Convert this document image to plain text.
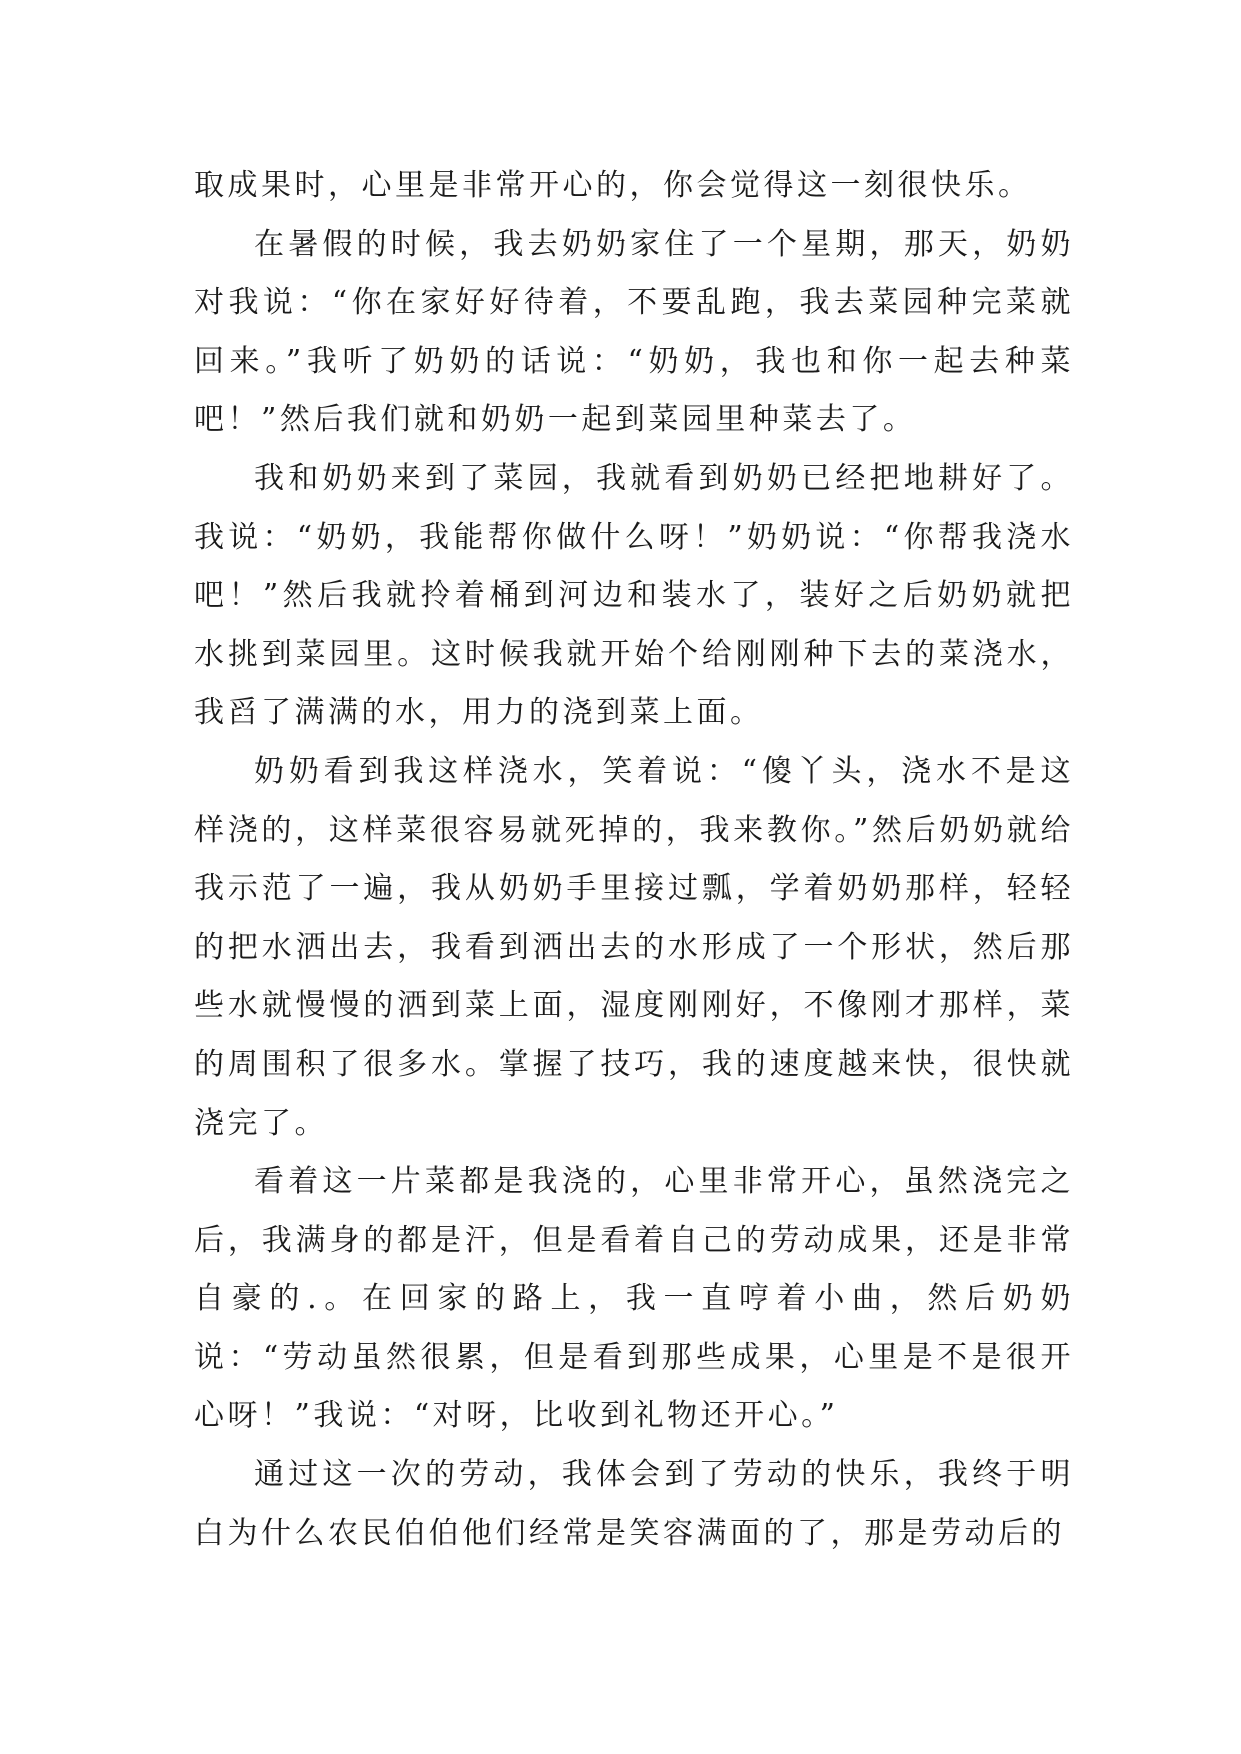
取成果时，心里是非常开心的，你会觉得这一刻很快乐。

在暑假的时候，我去奶奶家住了一个星期，那天，奶奶对我说：“你在家好好待着，不要乱跑，我去菜园种完菜就回来。”我听了奶奶的话说：“奶奶，我也和你一起去种菜吧！”然后我们就和奶奶一起到菜园里种菜去了。

我和奶奶来到了菜园，我就看到奶奶已经把地耕好了。我说：“奶奶，我能帮你做什么呀！”奶奶说：“你帮我浇水吧！”然后我就拎着桶到河边和装水了，装好之后奶奶就把水挑到菜园里。这时候我就开始个给刚刚种下去的菜浇水，我舀了满满的水，用力的浇到菜上面。

奶奶看到我这样浇水，笑着说：“傻丫头，浇水不是这样浇的，这样菜很容易就死掉的，我来教你。”然后奶奶就给我示范了一遍，我从奶奶手里接过瓢，学着奶奶那样，轻轻的把水洒出去，我看到洒出去的水形成了一个形状，然后那些水就慢慢的洒到菜上面，湿度刚刚好，不像刚才那样，菜的周围积了很多水。掌握了技巧，我的速度越来快，很快就浇完了。

看着这一片菜都是我浇的，心里非常开心，虽然浇完之后，我满身的都是汗，但是看着自己的劳动成果，还是非常自豪的.。在回家的路上，我一直哼着小曲，然后奶奶说：“劳动虽然很累，但是看到那些成果，心里是不是很开心呀！”我说：“对呀，比收到礼物还开心。”

通过这一次的劳动，我体会到了劳动的快乐，我终于明白为什么农民伯伯他们经常是笑容满面的了，那是劳动后的
